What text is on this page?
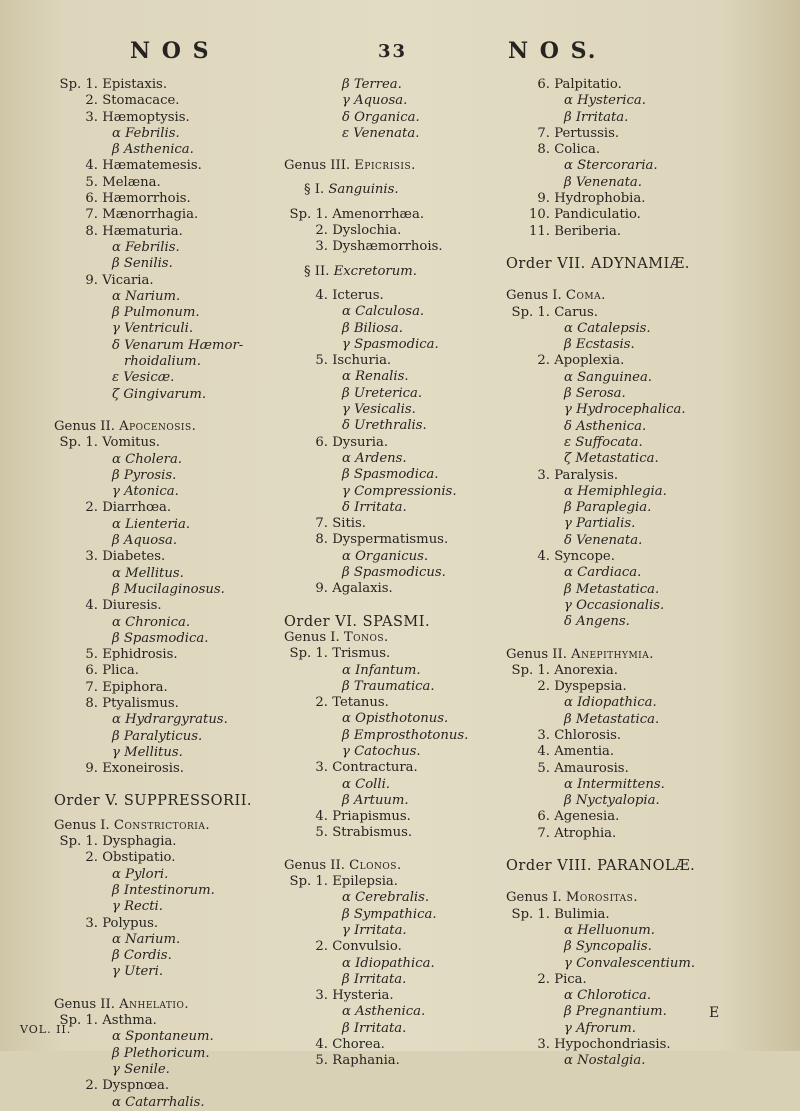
N O S	33	N O S.
Sp. 1. Epistaxis.
2. Stomacace.
3. Hæmoptysis.
α Febrilis.
β Asthenica.
4. Hæmatemesis.
5. Melæna.
6. Hæmorrhois.
7. Mænorrhagia.
8. Hæmaturia.
α Febrilis.
β Senilis.
9. Vicaria.
α Narium.
β Pulmonum.
γ Ventriculi.
δ Venarum Hæmor-
rhoidalium.
ε Vesicæ.
ζ Gingivarum.
Genus II. Apocenosis.
Sp. 1. Vomitus.
α Cholera.
β Pyrosis.
γ Atonica.
2. Diarrhœa.
α Lienteria.
β Aquosa.
3. Diabetes.
α Mellitus.
β Mucilaginosus.
4. Diuresis.
α Chronica.
β Spasmodica.
5. Ephidrosis.
6. Plica.
7. Epiphora.
8. Ptyalismus.
α Hydrargyratus.
β Paralyticus.
γ Mellitus.
9. Exoneirosis.
Order V. SUPPRESSORII.
Genus I. Constrictoria.
Sp. 1. Dysphagia.
2. Obstipatio.
α Pylori.
β Intestinorum.
γ Recti.
3. Polypus.
α Narium.
β Cordis.
γ Uteri.
Genus II. Anhelatio.
Sp. 1. Asthma.
α Spontaneum.
β Plethoricum.
γ Senile.
2. Dyspnœa.
α Catarrhalis.
β Terrea.
γ Aquosa.
δ Organica.
ε Venenata.
Genus III. Epicrisis.
§ I. Sanguinis.
Sp. 1. Amenorrhæa.
2. Dyslochia.
3. Dyshæmorrhois.
§ II. Excretorum.
4. Icterus.
α Calculosa.
β Biliosa.
γ Spasmodica.
5. Ischuria.
α Renalis.
β Ureterica.
γ Vesicalis.
δ Urethralis.
6. Dysuria.
α Ardens.
β Spasmodica.
γ Compressionis.
δ Irritata.
7. Sitis.
8. Dyspermatismus.
α Organicus.
β Spasmodicus.
9. Agalaxis.
Order VI. SPASMI.
Genus I. Tonos.
Sp. 1. Trismus.
α Infantum.
β Traumatica.
2. Tetanus.
α Opisthotonus.
β Emprosthotonus.
γ Catochus.
3. Contractura.
α Colli.
β Artuum.
4. Priapismus.
5. Strabismus.
Genus II. Clonos.
Sp. 1. Epilepsia.
α Cerebralis.
β Sympathica.
γ Irritata.
2. Convulsio.
α Idiopathica.
β Irritata.
3. Hysteria.
α Asthenica.
β Irritata.
4. Chorea.
5. Raphania.
6. Palpitatio.
α Hysterica.
β Irritata.
7. Pertussis.
8. Colica.
α Stercoraria.
β Venenata.
9. Hydrophobia.
10. Pandiculatio.
11. Beriberia.
Order VII. ADYNAMIÆ.
Genus I. Coma.
Sp. 1. Carus.
α Catalepsis.
β Ecstasis.
2. Apoplexia.
α Sanguinea.
β Serosa.
γ Hydrocephalica.
δ Asthenica.
ε Suffocata.
ζ Metastatica.
3. Paralysis.
α Hemiphlegia.
β Paraplegia.
γ Partialis.
δ Venenata.
4. Syncope.
α Cardiaca.
β Metastatica.
γ Occasionalis.
δ Angens.
Genus II. Anepithymia.
Sp. 1. Anorexia.
2. Dyspepsia.
α Idiopathica.
β Metastatica.
3. Chlorosis.
4. Amentia.
5. Amaurosis.
α Intermittens.
β Nyctyalopia.
6. Agenesia.
7. Atrophia.
Order VIII. PARANOLÆ.
Genus I. Morositas.
Sp. 1. Bulimia.
α Helluonum.
β Syncopalis.
γ Convalescentium.
2. Pica.
α Chlorotica.
β Pregnantium.
γ Afrorum.
3. Hypochondriasis.
α Nostalgia.
VOL. II.
E
